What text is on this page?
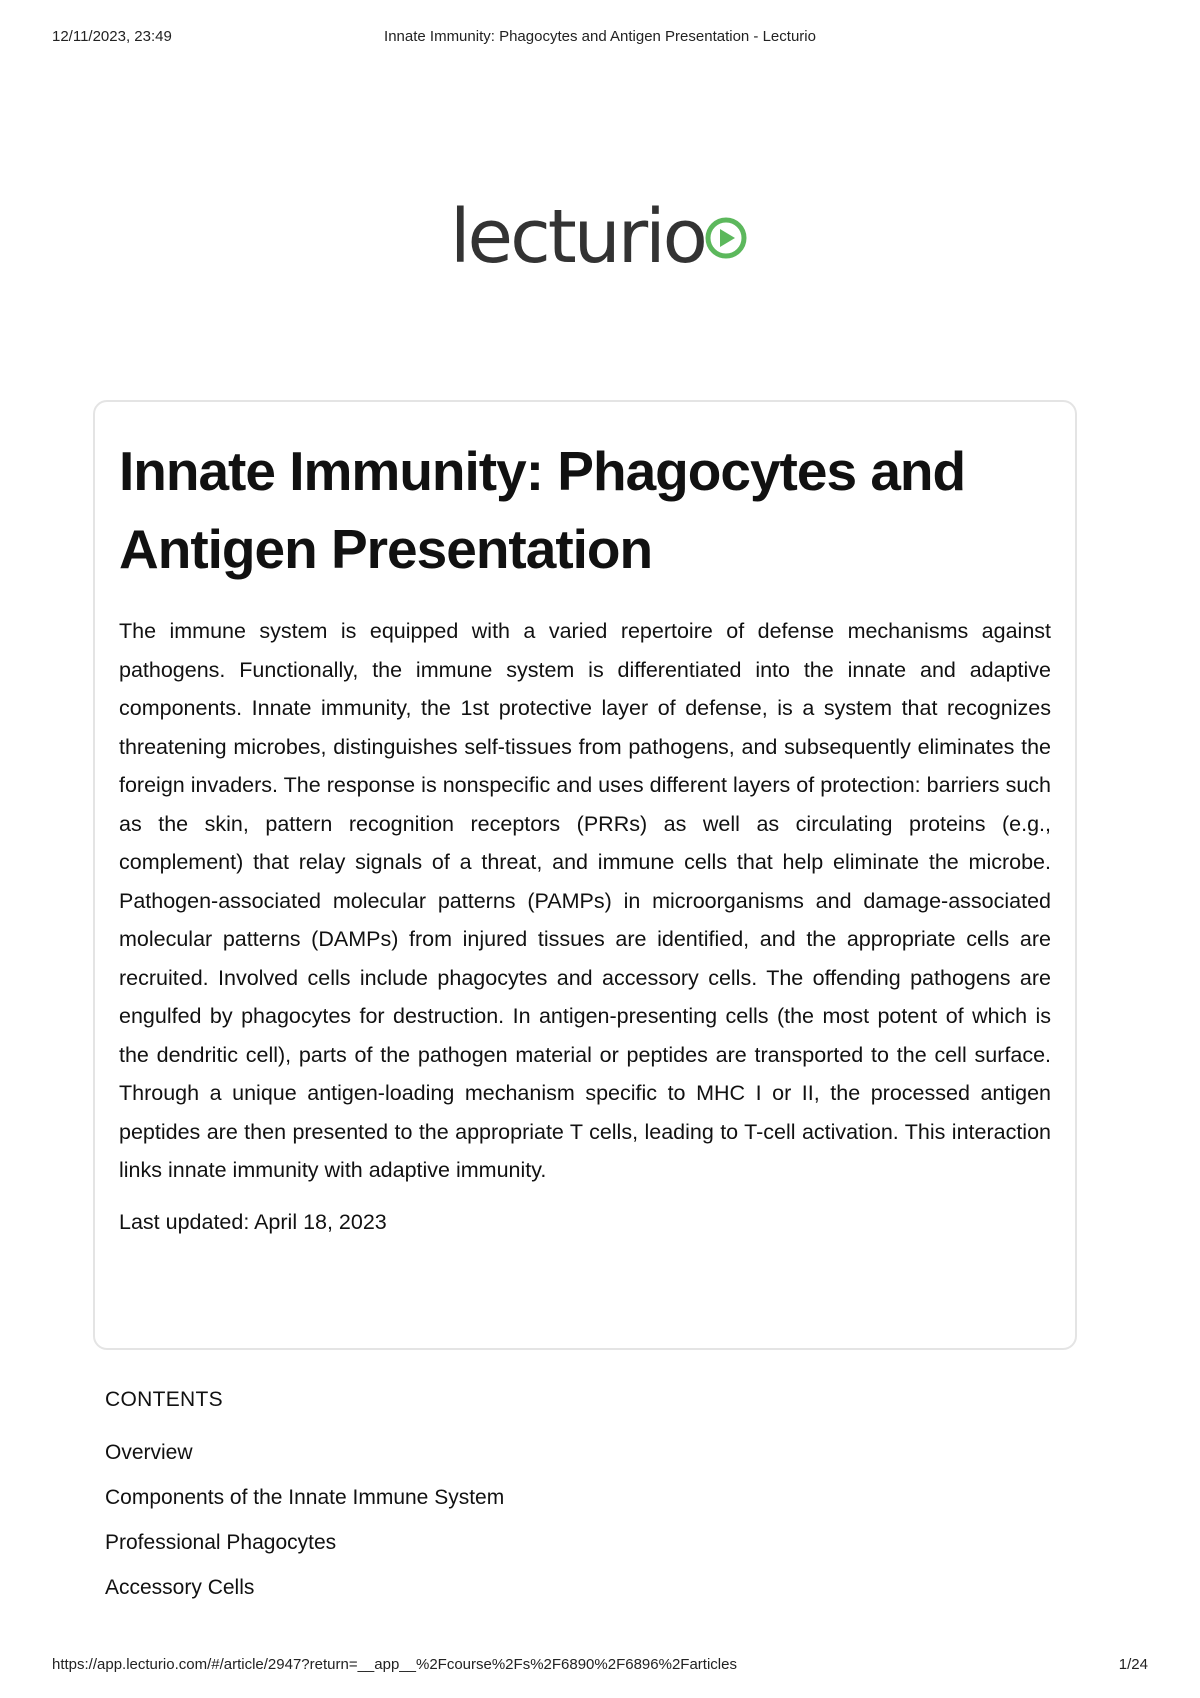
Innate Immunity: Phagocytes and Antigen Presentation - Lecturio
12/11/2023, 23:49
lecturio
Innate Immunity: Phagocytes and Antigen Presentation

The immune system is equipped with a varied repertoire of defense mechanisms against pathogens. Functionally, the immune system is differentiated into the innate and adaptive components. Innate immunity, the 1st protective layer of defense, is a system that recognizes threatening microbes, distinguishes self-tissues from pathogens, and subsequently eliminates the foreign invaders. The response is nonspecific and uses different layers of protection: barriers such as the skin, pattern recognition receptors (PRRs) as well as circulating proteins (e.g., complement) that relay signals of a threat, and immune cells that help eliminate the microbe. Pathogen-associated molecular patterns (PAMPs) in microorganisms and damage-associated molecular patterns (DAMPs) from injured tissues are identified, and the appropriate cells are recruited. Involved cells include phagocytes and accessory cells. The offending pathogens are engulfed by phagocytes for destruction. In antigen-presenting cells (the most potent of which is the dendritic cell), parts of the pathogen material or peptides are transported to the cell surface. Through a unique antigen-loading mechanism specific to MHC I or II, the processed antigen peptides are then presented to the appropriate T cells, leading to T-cell activation. This interaction links innate immunity with adaptive immunity.

Last updated: April 18, 2023
CONTENTS
Overview
Components of the Innate Immune System
Professional Phagocytes
Accessory Cells
https://app.lecturio.com/#/article/2947?return=__app__%2Fcourse%2Fs%2F6890%2F6896%2Farticles	1/24
